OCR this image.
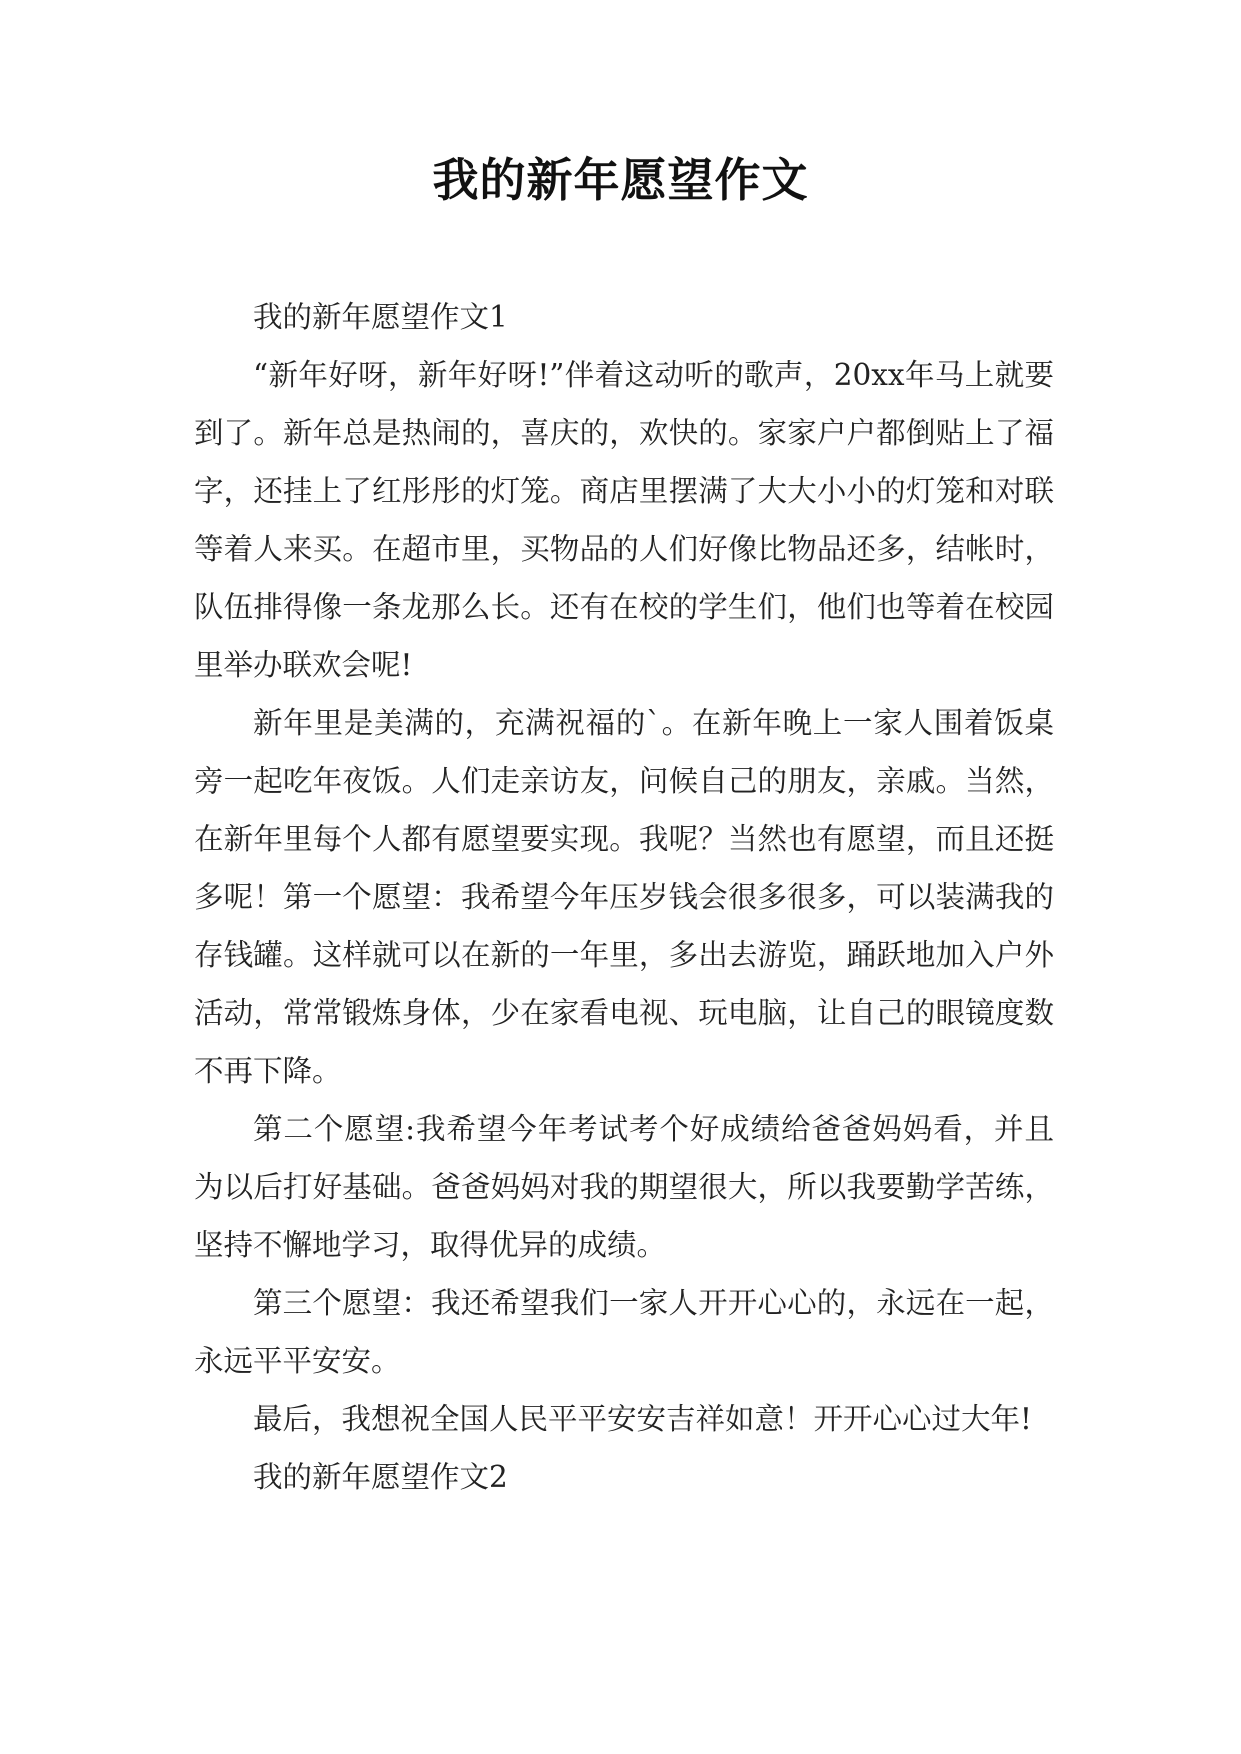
我的新年愿望作文

我的新年愿望作文1

“新年好呀，新年好呀!”伴着这动听的歌声，20xx年马上就要到了。新年总是热闹的，喜庆的，欢快的。家家户户都倒贴上了福字，还挂上了红彤彤的灯笼。商店里摆满了大大小小的灯笼和对联等着人来买。在超市里，买物品的人们好像比物品还多，结帐时，队伍排得像一条龙那么长。还有在校的学生们，他们也等着在校园里举办联欢会呢!

新年里是美满的，充满祝福的`。在新年晚上一家人围着饭桌旁一起吃年夜饭。人们走亲访友，问候自己的朋友，亲戚。当然，在新年里每个人都有愿望要实现。我呢？当然也有愿望，而且还挺多呢！第一个愿望：我希望今年压岁钱会很多很多，可以装满我的存钱罐。这样就可以在新的一年里，多出去游览，踊跃地加入户外活动，常常锻炼身体，少在家看电视、玩电脑，让自己的眼镜度数不再下降。

第二个愿望:我希望今年考试考个好成绩给爸爸妈妈看，并且为以后打好基础。爸爸妈妈对我的期望很大，所以我要勤学苦练，坚持不懈地学习，取得优异的成绩。

第三个愿望：我还希望我们一家人开开心心的，永远在一起，永远平平安安。

最后，我想祝全国人民平平安安吉祥如意！开开心心过大年!

我的新年愿望作文2
